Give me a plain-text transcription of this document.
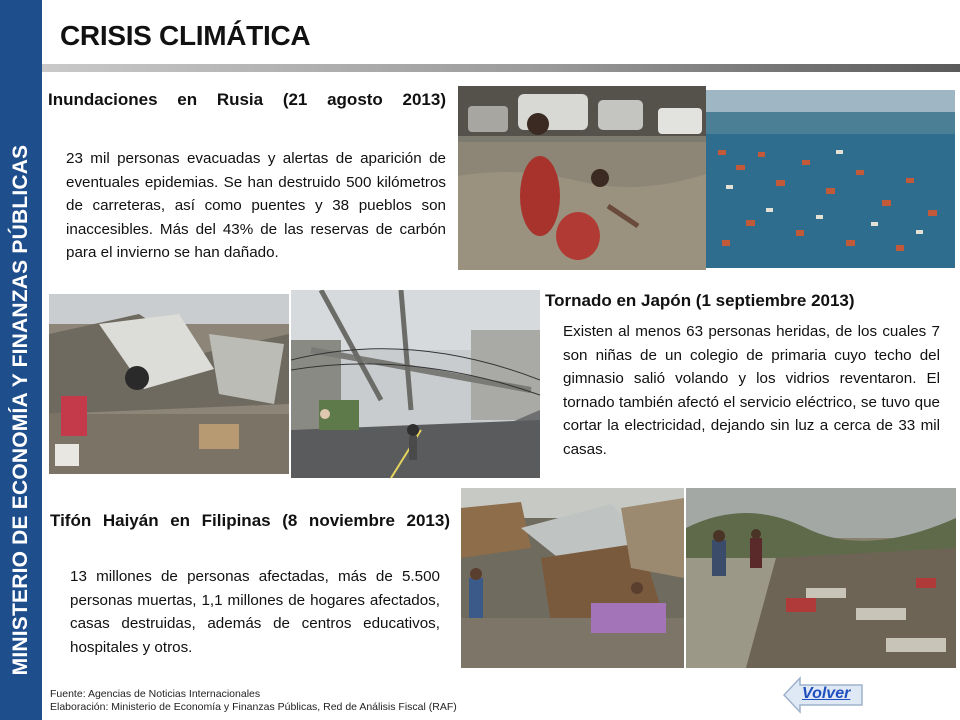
MINISTERIO DE ECONOMÍA Y FINANZAS PÚBLICAS
CRISIS CLIMÁTICA
Inundaciones en Rusia (21 agosto 2013)
23 mil personas evacuadas y alertas de aparición de eventuales epidemias. Se han destruido 500 kilómetros de carreteras, así como puentes y 38 pueblos son inaccesibles. Más del 43% de las reservas de carbón para el invierno se han dañado.
Tornado en Japón (1 septiembre 2013)
Existen al menos 63 personas heridas, de los cuales 7 son niñas de un colegio de primaria cuyo techo del gimnasio salió volando y los vidrios reventaron. El tornado también afectó el servicio eléctrico, se tuvo que cortar la electricidad, dejando sin luz a cerca de 33 mil casas.
Tifón Haiyán en Filipinas (8 noviembre 2013)
13 millones de personas afectadas, más de 5.500 personas muertas, 1,1 millones de hogares afectados, casas destruidas, además de centros educativos, hospitales y otros.
Fuente: Agencias de Noticias Internacionales
Elaboración: Ministerio de Economía y Finanzas Públicas, Red de Análisis Fiscal (RAF)
Volver
